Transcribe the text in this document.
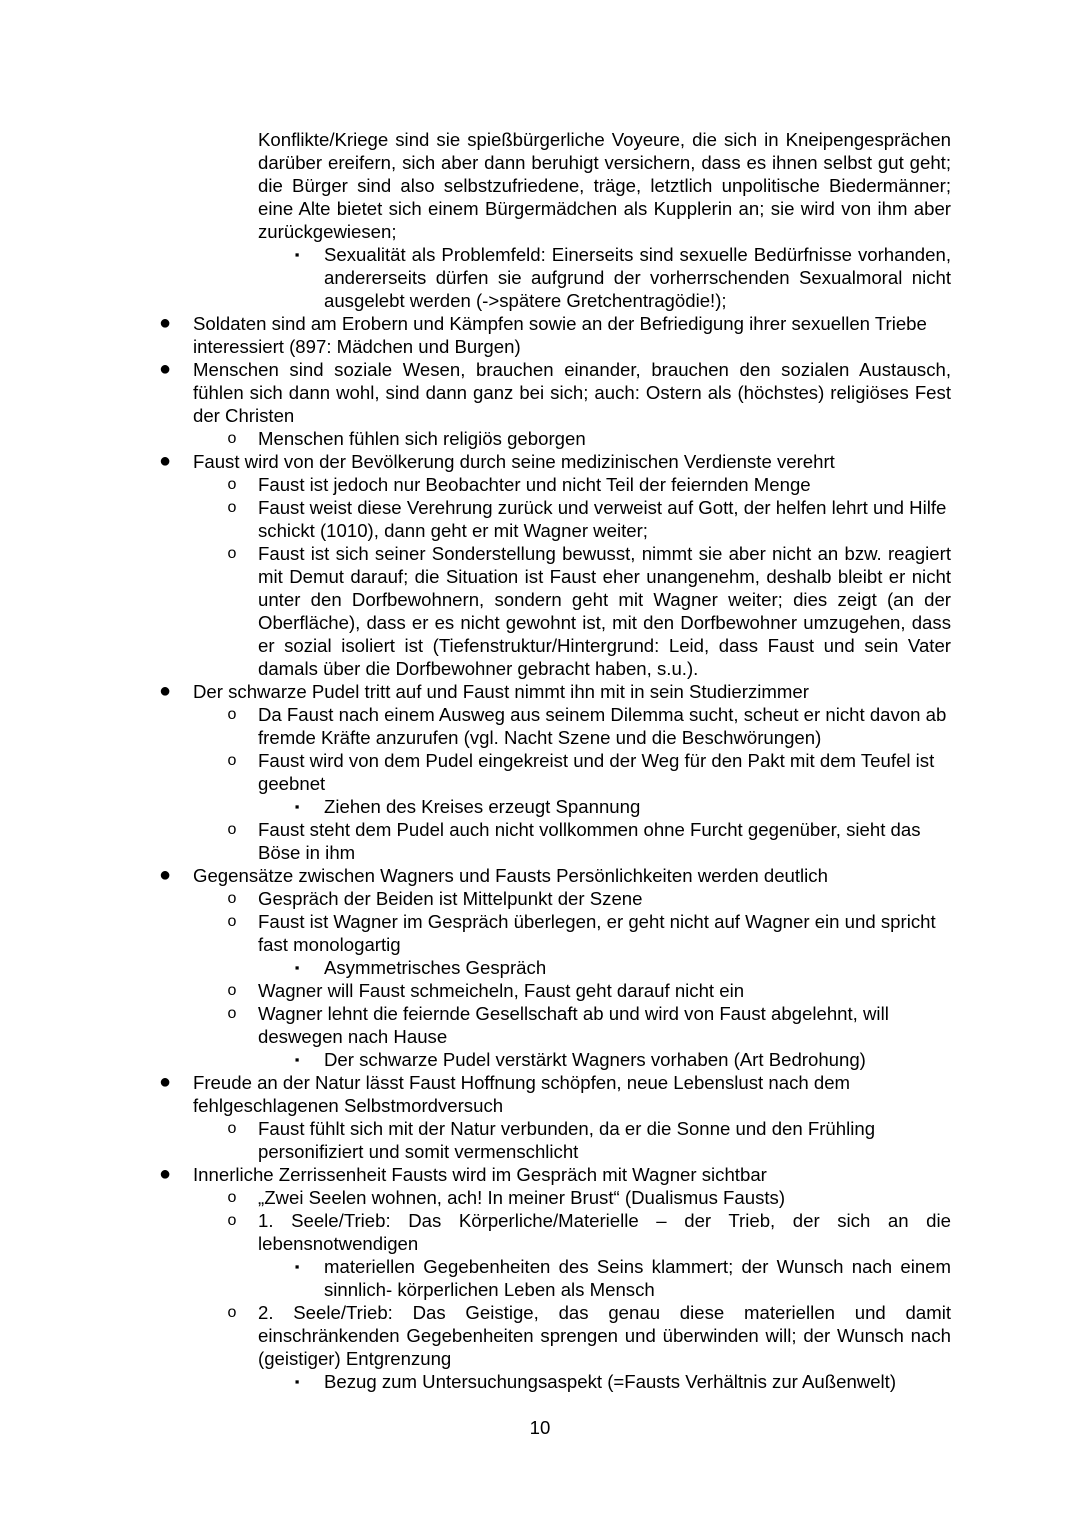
Konflikte/Kriege sind sie spießbürgerliche Voyeure, die sich in Kneipengesprächen darüber ereifern, sich aber dann beruhigt versichern, dass es ihnen selbst gut geht; die Bürger sind also selbstzufriedene, träge, letztlich unpolitische Biedermänner; eine Alte bietet sich einem Bürgermädchen als Kupplerin an; sie wird von ihm aber zurückgewiesen;
▪	Sexualität als Problemfeld: Einerseits sind sexuelle Bedürfnisse vorhanden, andererseits dürfen sie aufgrund der vorherrschenden Sexualmoral nicht ausgelebt werden (->spätere Gretchentragödie!);
● Soldaten sind am Erobern und Kämpfen sowie an der Befriedigung ihrer sexuellen Triebe interessiert (897: Mädchen und Burgen)
● Menschen sind soziale Wesen, brauchen einander, brauchen den sozialen Austausch, fühlen sich dann wohl, sind dann ganz bei sich; auch: Ostern als (höchstes) religiöses Fest der Christen
o Menschen fühlen sich religiös geborgen
● Faust wird von der Bevölkerung durch seine medizinischen Verdienste verehrt
o Faust ist jedoch nur Beobachter und nicht Teil der feiernden Menge
o Faust weist diese Verehrung zurück und verweist auf Gott, der helfen lehrt und Hilfe schickt (1010), dann geht er mit Wagner weiter;
o Faust ist sich seiner Sonderstellung bewusst, nimmt sie aber nicht an bzw. reagiert mit Demut darauf; die Situation ist Faust eher unangenehm, deshalb bleibt er nicht unter den Dorfbewohnern, sondern geht mit Wagner weiter; dies zeigt (an der Oberfläche), dass er es nicht gewohnt ist, mit den Dorfbewohner umzugehen, dass er sozial isoliert ist (Tiefenstruktur/Hintergrund: Leid, dass Faust und sein Vater damals über die Dorfbewohner gebracht haben, s.u.).
● Der schwarze Pudel tritt auf und Faust nimmt ihn mit in sein Studierzimmer
o Da Faust nach einem Ausweg aus seinem Dilemma sucht, scheut er nicht davon ab fremde Kräfte anzurufen (vgl. Nacht Szene und die Beschwörungen)
o Faust wird von dem Pudel eingekreist und der Weg für den Pakt mit dem Teufel ist geebnet
▪	Ziehen des Kreises erzeugt Spannung
o Faust steht dem Pudel auch nicht vollkommen ohne Furcht gegenüber, sieht das Böse in ihm
● Gegensätze zwischen Wagners und Fausts Persönlichkeiten werden deutlich
o Gespräch der Beiden ist Mittelpunkt der Szene
o Faust ist Wagner im Gespräch überlegen, er geht nicht auf Wagner ein und spricht fast monologartig
▪	Asymmetrisches Gespräch
o Wagner will Faust schmeicheln, Faust geht darauf nicht ein
o Wagner lehnt die feiernde Gesellschaft ab und wird von Faust abgelehnt, will deswegen nach Hause
▪	Der schwarze Pudel verstärkt Wagners vorhaben (Art Bedrohung)
● Freude an der Natur lässt Faust Hoffnung schöpfen, neue Lebenslust nach dem fehlgeschlagenen Selbstmordversuch
o Faust fühlt sich mit der Natur verbunden, da er die Sonne und den Frühling personifiziert und somit vermenschlicht
● Innerliche Zerrissenheit Fausts wird im Gespräch mit Wagner sichtbar
o „Zwei Seelen wohnen, ach! In meiner Brust“ (Dualismus Fausts)
o 1. Seele/Trieb: Das Körperliche/Materielle – der Trieb, der sich an die lebensnotwendigen
▪	materiellen Gegebenheiten des Seins klammert; der Wunsch nach einem sinnlich- körperlichen Leben als Mensch
o 2. Seele/Trieb: Das Geistige, das genau diese materiellen und damit einschränkenden Gegebenheiten sprengen und überwinden will; der Wunsch nach (geistiger) Entgrenzung
▪	Bezug zum Untersuchungsaspekt (=Fausts Verhältnis zur Außenwelt)
10
